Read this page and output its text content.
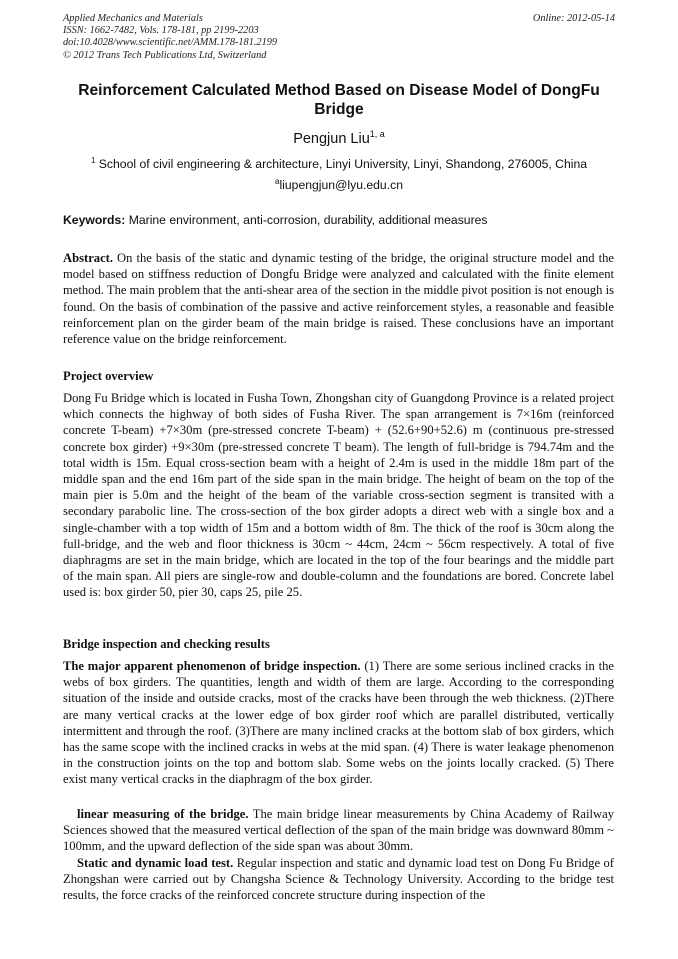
Applied Mechanics and Materials
ISSN: 1662-7482, Vols. 178-181, pp 2199-2203
doi:10.4028/www.scientific.net/AMM.178-181.2199
© 2012 Trans Tech Publications Ltd, Switzerland
Online: 2012-05-14
Reinforcement Calculated Method Based on Disease Model of DongFu
Bridge
Pengjun Liu$^{1, a}$
$^1$ School of civil engineering & architecture, Linyi University, Linyi, Shandong, 276005, China
$^a$liupengjun@lyu.edu.cn
Keywords: Marine environment, anti-corrosion, durability, additional measures
Abstract. On the basis of the static and dynamic testing of the bridge, the original structure model and the model based on stiffness reduction of Dongfu Bridge were analyzed and calculated with the finite element method. The main problem that the anti-shear area of the section in the middle pivot position is not enough is found. On the basis of combination of the passive and active reinforcement styles, a reasonable and feasible reinforcement plan on the girder beam of the main bridge is raised. These conclusions have an important reference value on the bridge reinforcement.
Project overview
Dong Fu Bridge which is located in Fusha Town, Zhongshan city of Guangdong Province is a related project which connects the highway of both sides of Fusha River. The span arrangement is 7×16m (reinforced concrete T-beam) +7×30m (pre-stressed concrete T-beam) + (52.6+90+52.6) m (continuous pre-stressed concrete box girder) +9×30m (pre-stressed concrete T beam). The length of full-bridge is 794.74m and the total width is 15m. Equal cross-section beam with a height of 2.4m is used in the middle 18m part of the middle span and the end 16m part of the side span in the main bridge. The height of beam on the top of the main pier is 5.0m and the height of the beam of the variable cross-section segment is transited with a secondary parabolic line. The cross-section of the box girder adopts a direct web with a single box and a single-chamber with a top width of 15m and a bottom width of 8m. The thick of the roof is 30cm along the full-bridge, and the web and floor thickness is 30cm ~ 44cm, 24cm ~ 56cm respectively. A total of five diaphragms are set in the main bridge, which are located in the top of the four bearings and the middle part of the main span. All piers are single-row and double-column and the foundations are bored. Concrete label used is: box girder 50, pier 30, caps 25, pile 25.
Bridge inspection and checking results
The major apparent phenomenon of bridge inspection. (1) There are some serious inclined cracks in the webs of box girders. The quantities, length and width of them are large. According to the corresponding situation of the inside and outside cracks, most of the cracks have been through the web thickness. (2)There are many vertical cracks at the lower edge of box girder roof which are parallel distributed, vertically intermittent and through the roof. (3)There are many inclined cracks at the bottom slab of box girders, which has the same scope with the inclined cracks in webs at the mid span. (4) There is water leakage phenomenon in the construction joints on the top and bottom slab. Some webs on the joints locally cracked. (5) There exist many vertical cracks in the diaphragm of the box girder.
linear measuring of the bridge. The main bridge linear measurements by China Academy of Railway Sciences showed that the measured vertical deflection of the span of the main bridge was downward 80mm ~ 100mm, and the upward deflection of the side span was about 30mm.
Static and dynamic load test. Regular inspection and static and dynamic load test on Dong Fu Bridge of Zhongshan were carried out by Changsha Science & Technology University. According to the bridge test results, the force cracks of the reinforced concrete structure during inspection of the
